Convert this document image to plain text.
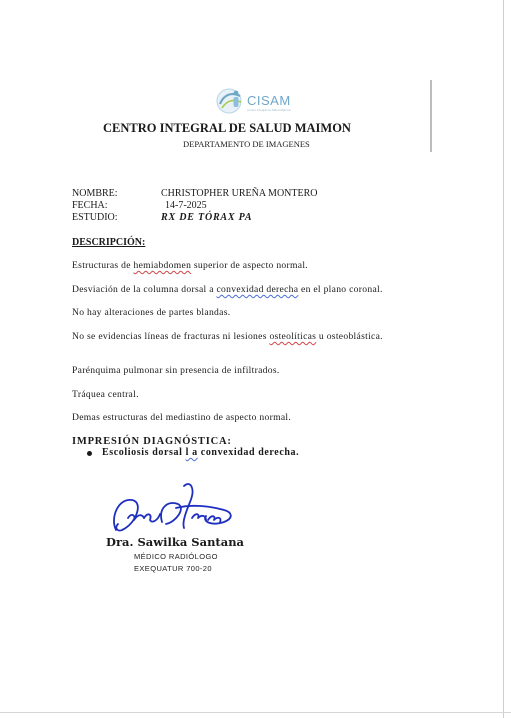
CISAM
Centro Integral de Salud Maimon
CENTRO INTEGRAL DE SALUD MAIMON
DEPARTAMENTO DE IMAGENES
NOMBRE:	CHRISTOPHER UREÑA MONTERO
FECHA:	14-7-2025
ESTUDIO:	RX DE TÓRAX PA
DESCRIPCIÓN:
Estructuras de hemiabdomen superior de aspecto normal.
Desviación de la columna dorsal a convexidad derecha en el plano coronal.
No hay alteraciones de partes blandas.
No se evidencias líneas de fracturas ni lesiones osteolíticas u osteoblástica.
Parénquima pulmonar sin presencia de infiltrados.
Tráquea central.
Demas estructuras del mediastino de aspecto normal.
IMPRESIÓN DIAGNÓSTICA:
Escoliosis dorsal l a convexidad derecha.
Dra. Sawilka Santana
MÉDICO RADIÓLOGO
EXEQUATUR 700-20
